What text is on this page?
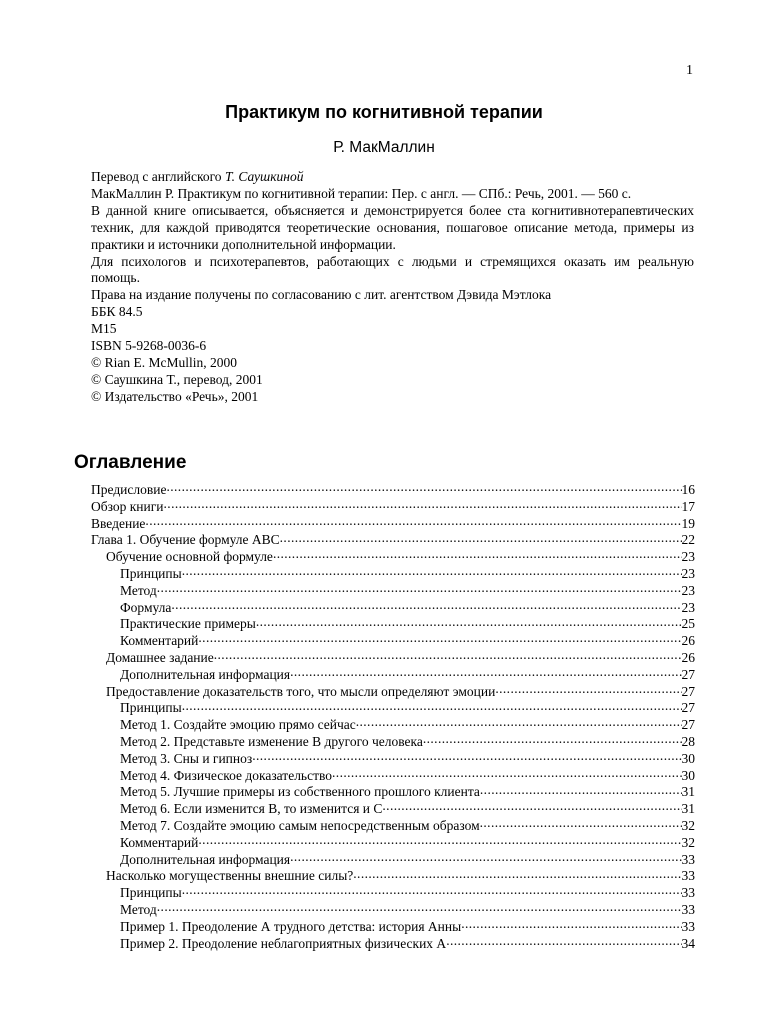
1
Практикум по когнитивной терапии
Р. МакМаллин

Перевод с английского Т. Саушкиной

МакМаллин Р. Практикум по когнитивной терапии: Пер. с англ. — СПб.: Речь, 2001. — 560 с.

В данной книге описывается, объясняется и демонстрируется более ста когнитивнотерапевтических техник, для каждой приводятся теоретические основания, пошаговое описание метода, примеры из практики и источники дополнительной информации.

Для психологов и психотерапевтов, работающих с людьми и стремящихся оказать им реальную помощь.

Права на издание получены по согласованию с лит. агентством Дэвида Мэтлока

ББК 84.5

М15

ISBN 5-9268-0036-6

© Rian E. McMullin, 2000

© Саушкина Т., перевод, 2001

© Издательство «Речь», 2001

Оглавление
Предисловие .....	16
Обзор книги .....	17
Введение .....	19
Глава 1. Обучение формуле ABC .....	22
Обучение основной формуле .....	23
Принципы .....	23
Метод .....	23
Формула .....	23
Практические примеры .....	25
Комментарий .....	26
Домашнее задание .....	26
Дополнительная информация .....	27
Предоставление доказательств того, что мысли определяют эмоции .....	27
Принципы .....	27
Метод 1. Создайте эмоцию прямо сейчас .....	27
Метод 2. Представьте изменение В другого человека .....	28
Метод 3. Сны и гипноз .....	30
Метод 4. Физическое доказательство .....	30
Метод 5. Лучшие примеры из собственного прошлого клиента .....	31
Метод 6. Если изменится В, то изменится и С .....	31
Метод 7. Создайте эмоцию самым непосредственным образом .....	32
Комментарий .....	32
Дополнительная информация .....	33
Насколько могущественны внешние силы? .....	33
Принципы .....	33
Метод .....	33
Пример 1. Преодоление А трудного детства: история Анны .....	33
Пример 2. Преодоление неблагоприятных физических А .....	34
